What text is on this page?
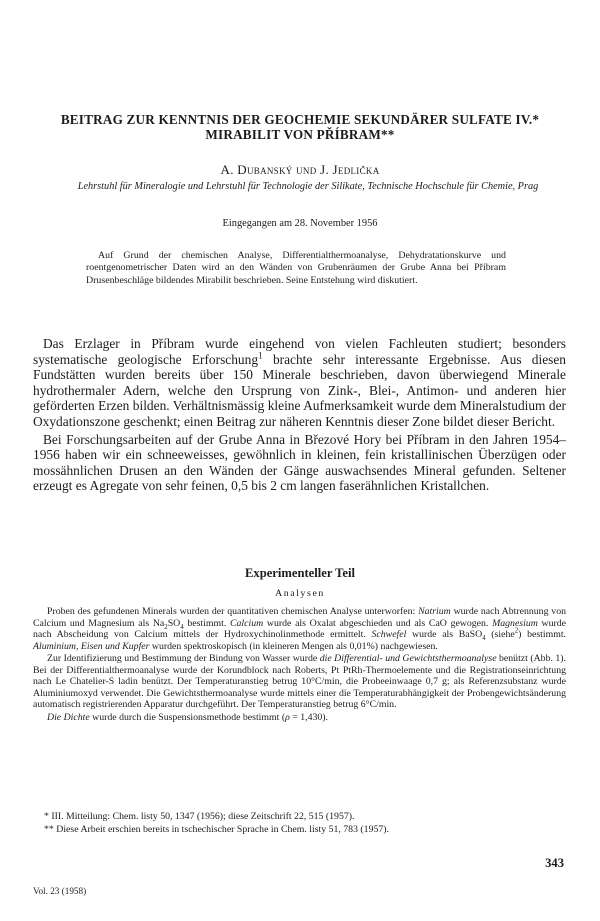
BEITRAG ZUR KENNTNIS DER GEOCHEMIE SEKUNDÄRER SULFATE IV.*
MIRABILIT VON PŘÍBRAM**
A. Dubanský und J. Jedlička
Lehrstuhl für Mineralogie und Lehrstuhl für Technologie der Silikate, Technische Hochschule für Chemie, Prag
Eingegangen am 28. November 1956
Auf Grund der chemischen Analyse, Differentialthermoanalyse, Dehydratationskurve und roentgenometrischer Daten wird an den Wänden von Grubenräumen der Grube Anna bei Příbram Drusenbeschläge bildendes Mirabilit beschrieben. Seine Entstehung wird diskutiert.

Das Erzlager in Příbram wurde eingehend von vielen Fachleuten studiert; besonders systematische geologische Erforschung$^1$ brachte sehr interessante Ergebnisse. Aus diesen Fundstätten wurden bereits über 150 Minerale beschrieben, davon überwiegend Minerale hydrothermaler Adern, welche den Ursprung von Zink-, Blei-, Antimon- und anderen hier geförderten Erzen bilden. Verhältnismässig kleine Aufmerksamkeit wurde dem Mineralstudium der Oxydationszone geschenkt; einen Beitrag zur näheren Kenntnis dieser Zone bildet dieser Bericht.

Bei Forschungsarbeiten auf der Grube Anna in Březové Hory bei Příbram in den Jahren 1954–1956 haben wir ein schneeweisses, gewöhnlich in kleinen, fein kristallinischen Überzügen oder mossähnlichen Drusen an den Wänden der Gänge auswachsendes Mineral gefunden. Seltener erzeugt es Agregate von sehr feinen, 0,5 bis 2 cm langen faserähnlichen Kristallchen.

Experimenteller Teil
Analysen

Proben des gefundenen Minerals wurden der quantitativen chemischen Analyse unterworfen: Natrium wurde nach Abtrennung von Calcium und Magnesium als $Na_2SO_4$ bestimmt. Calcium wurde als Oxalat abgeschieden und als CaO gewogen. Magnesium wurde nach Abscheidung von Calcium mittels der Hydroxychinolinmethode ermittelt. Schwefel wurde als BaSO$_4$ (siehe$^2$) bestimmt. Aluminium, Eisen und Kupfer wurden spektroskopisch (in kleineren Mengen als 0,01%) nachgewiesen.

Zur Identifizierung und Bestimmung der Bindung von Wasser wurde die Differential- und Gewichtsthermoanalyse benützt (Abb. 1). Bei der Differentialthermoanalyse wurde der Korundblock nach Roberts, Pt PtRh-Thermoelemente und die Registrationseinrichtung nach Le Chatelier-S ladin benützt. Der Temperaturanstieg betrug 10°C/min, die Probeeinwaage 0,7 g; als Referenzsubstanz wurde Aluminiumoxyd verwendet. Die Gewichtsthermoanalyse wurde mittels einer die Temperaturabhängigkeit der Probengewichtsänderung automatisch registrierenden Apparatur durchgeführt. Der Temperaturanstieg betrug 6°C/min.

Die Dichte wurde durch die Suspensionsmethode bestimmt (ρ = 1,430).

* III. Mitteilung: Chem. listy 50, 1347 (1956); diese Zeitschrift 22, 515 (1957).
** Diese Arbeit erschien bereits in tschechischer Sprache in Chem. listy 51, 783 (1957).
343
Vol. 23 (1958)
